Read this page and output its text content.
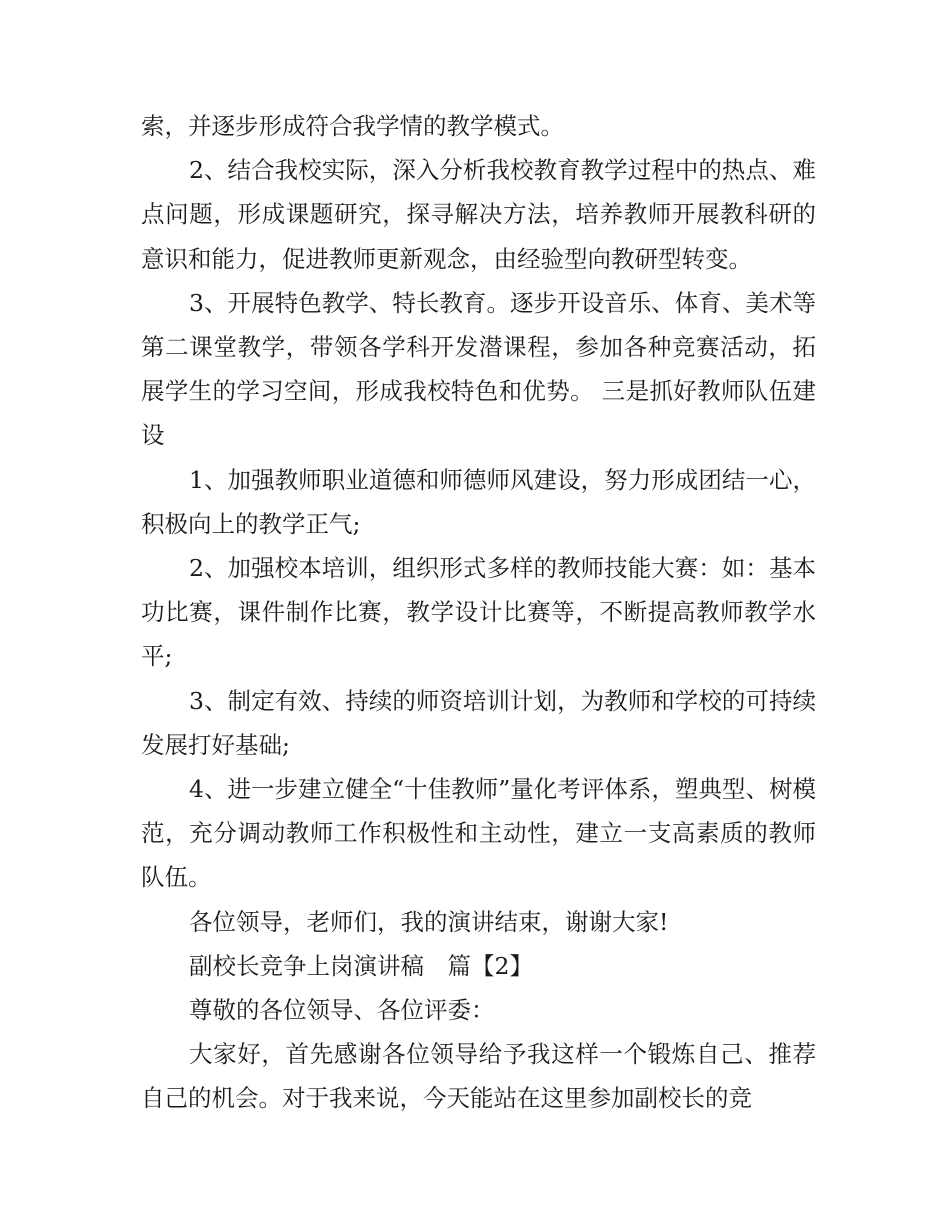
索，并逐步形成符合我学情的教学模式。

2、结合我校实际，深入分析我校教育教学过程中的热点、难点问题，形成课题研究，探寻解决方法，培养教师开展教科研的意识和能力，促进教师更新观念，由经验型向教研型转变。

3、开展特色教学、特长教育。逐步开设音乐、体育、美术等第二课堂教学，带领各学科开发潜课程，参加各种竞赛活动，拓展学生的学习空间，形成我校特色和优势。 三是抓好教师队伍建设

1、加强教师职业道德和师德师风建设，努力形成团结一心，积极向上的教学正气;

2、加强校本培训，组织形式多样的教师技能大赛：如：基本功比赛，课件制作比赛，教学设计比赛等，不断提高教师教学水平;

3、制定有效、持续的师资培训计划，为教师和学校的可持续发展打好基础;

4、进一步建立健全“十佳教师”量化考评体系，塑典型、树模范，充分调动教师工作积极性和主动性，建立一支高素质的教师队伍。

各位领导，老师们，我的演讲结束，谢谢大家!

副校长竞争上岗演讲稿　篇【2】

尊敬的各位领导、各位评委：

大家好，首先感谢各位领导给予我这样一个锻炼自己、推荐自己的机会。对于我来说，今天能站在这里参加副校长的竞
